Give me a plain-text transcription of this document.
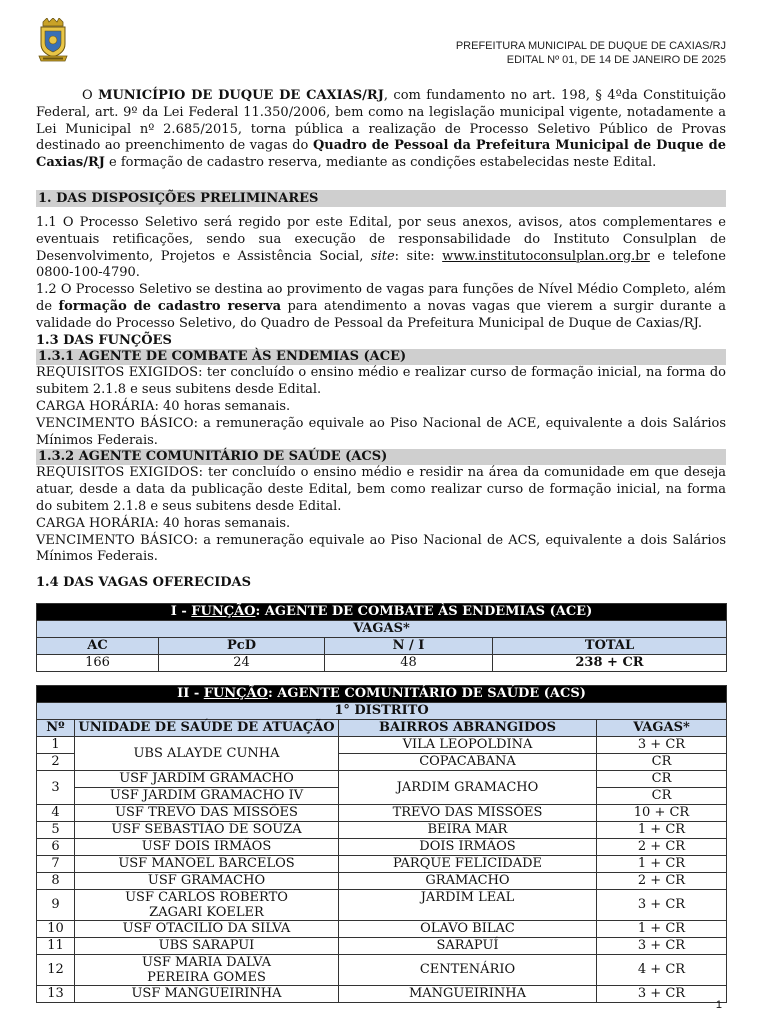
PREFEITURA MUNICIPAL DE DUQUE DE CAXIAS/RJ
EDITAL Nº 01, DE 14 DE JANEIRO DE 2025

O MUNICÍPIO DE DUQUE DE CAXIAS/RJ, com fundamento no art. 198, § 4ºda Constituição Federal, art. 9º da Lei Federal 11.350/2006, bem como na legislação municipal vigente, notadamente a Lei Municipal nº 2.685/2015, torna pública a realização de Processo Seletivo Público de Provas destinado ao preenchimento de vagas do Quadro de Pessoal da Prefeitura Municipal de Duque de Caxias/RJ e formação de cadastro reserva, mediante as condições estabelecidas neste Edital.

1. DAS DISPOSIÇÕES PRELIMINARES

1.1 O Processo Seletivo será regido por este Edital, por seus anexos, avisos, atos complementares e eventuais retificações, sendo sua execução de responsabilidade do Instituto Consulplan de Desenvolvimento, Projetos e Assistência Social, site: site: www.institutoconsulplan.org.br e telefone 0800-100-4790.

1.2 O Processo Seletivo se destina ao provimento de vagas para funções de Nível Médio Completo, além de formação de cadastro reserva para atendimento a novas vagas que vierem a surgir durante a validade do Processo Seletivo, do Quadro de Pessoal da Prefeitura Municipal de Duque de Caxias/RJ.

1.3 DAS FUNÇÕES

1.3.1 AGENTE DE COMBATE ÀS ENDEMIAS (ACE)

REQUISITOS EXIGIDOS: ter concluído o ensino médio e realizar curso de formação inicial, na forma do subitem 2.1.8 e seus subitens desde Edital.

CARGA HORÁRIA: 40 horas semanais.

VENCIMENTO BÁSICO: a remuneração equivale ao Piso Nacional de ACE, equivalente a dois Salários Mínimos Federais.

1.3.2 AGENTE COMUNITÁRIO DE SAÚDE (ACS)

REQUISITOS EXIGIDOS: ter concluído o ensino médio e residir na área da comunidade em que deseja atuar, desde a data da publicação deste Edital, bem como realizar curso de formação inicial, na forma do subitem 2.1.8 e seus subitens desde Edital.

CARGA HORÁRIA: 40 horas semanais.

VENCIMENTO BÁSICO: a remuneração equivale ao Piso Nacional de ACS, equivalente a dois Salários Mínimos Federais.

1.4 DAS VAGAS OFERECIDAS

I - FUNÇÃO: AGENTE DE COMBATE ÀS ENDEMIAS (ACE)			
VAGAS*			
AC	PcD	N / I	TOTAL
166	24	48	238 + CR
II - FUNÇÃO: AGENTE COMUNITÁRIO DE SAÚDE (ACS)			
1° DISTRITO			
Nº	UNIDADE DE SAÚDE DE ATUAÇÃO	BAIRROS ABRANGIDOS	VAGAS*
1	UBS ALAYDE CUNHA	VILA LEOPOLDINA	3 + CR
2		COPACABANA	CR
3	USF JARDIM GRAMACHO	JARDIM GRAMACHO	CR
	USF JARDIM GRAMACHO IV		CR
4	USF TREVO DAS MISSÕES	TREVO DAS MISSÕES	10 + CR
5	USF SEBASTIÃO DE SOUZA	BEIRA MAR	1 + CR
6	USF DOIS IRMÃOS	DOIS IRMÃOS	2 + CR
7	USF MANOEL BARCELOS	PARQUE FELICIDADE	1 + CR
8	USF GRAMACHO	GRAMACHO	2 + CR
9	USF CARLOS ROBERTO
ZAGARI KOELER	JARDIM LEAL	3 + CR
10	USF OTACILIO DA SILVA	OLAVO BILAC	1 + CR
11	UBS SARAPUI	SARAPUÍ	3 + CR
12	USF MARIA DALVA
PEREIRA GOMES	CENTENÁRIO	4 + CR
13	USF MANGUEIRINHA	MANGUEIRINHA	3 + CR
1
